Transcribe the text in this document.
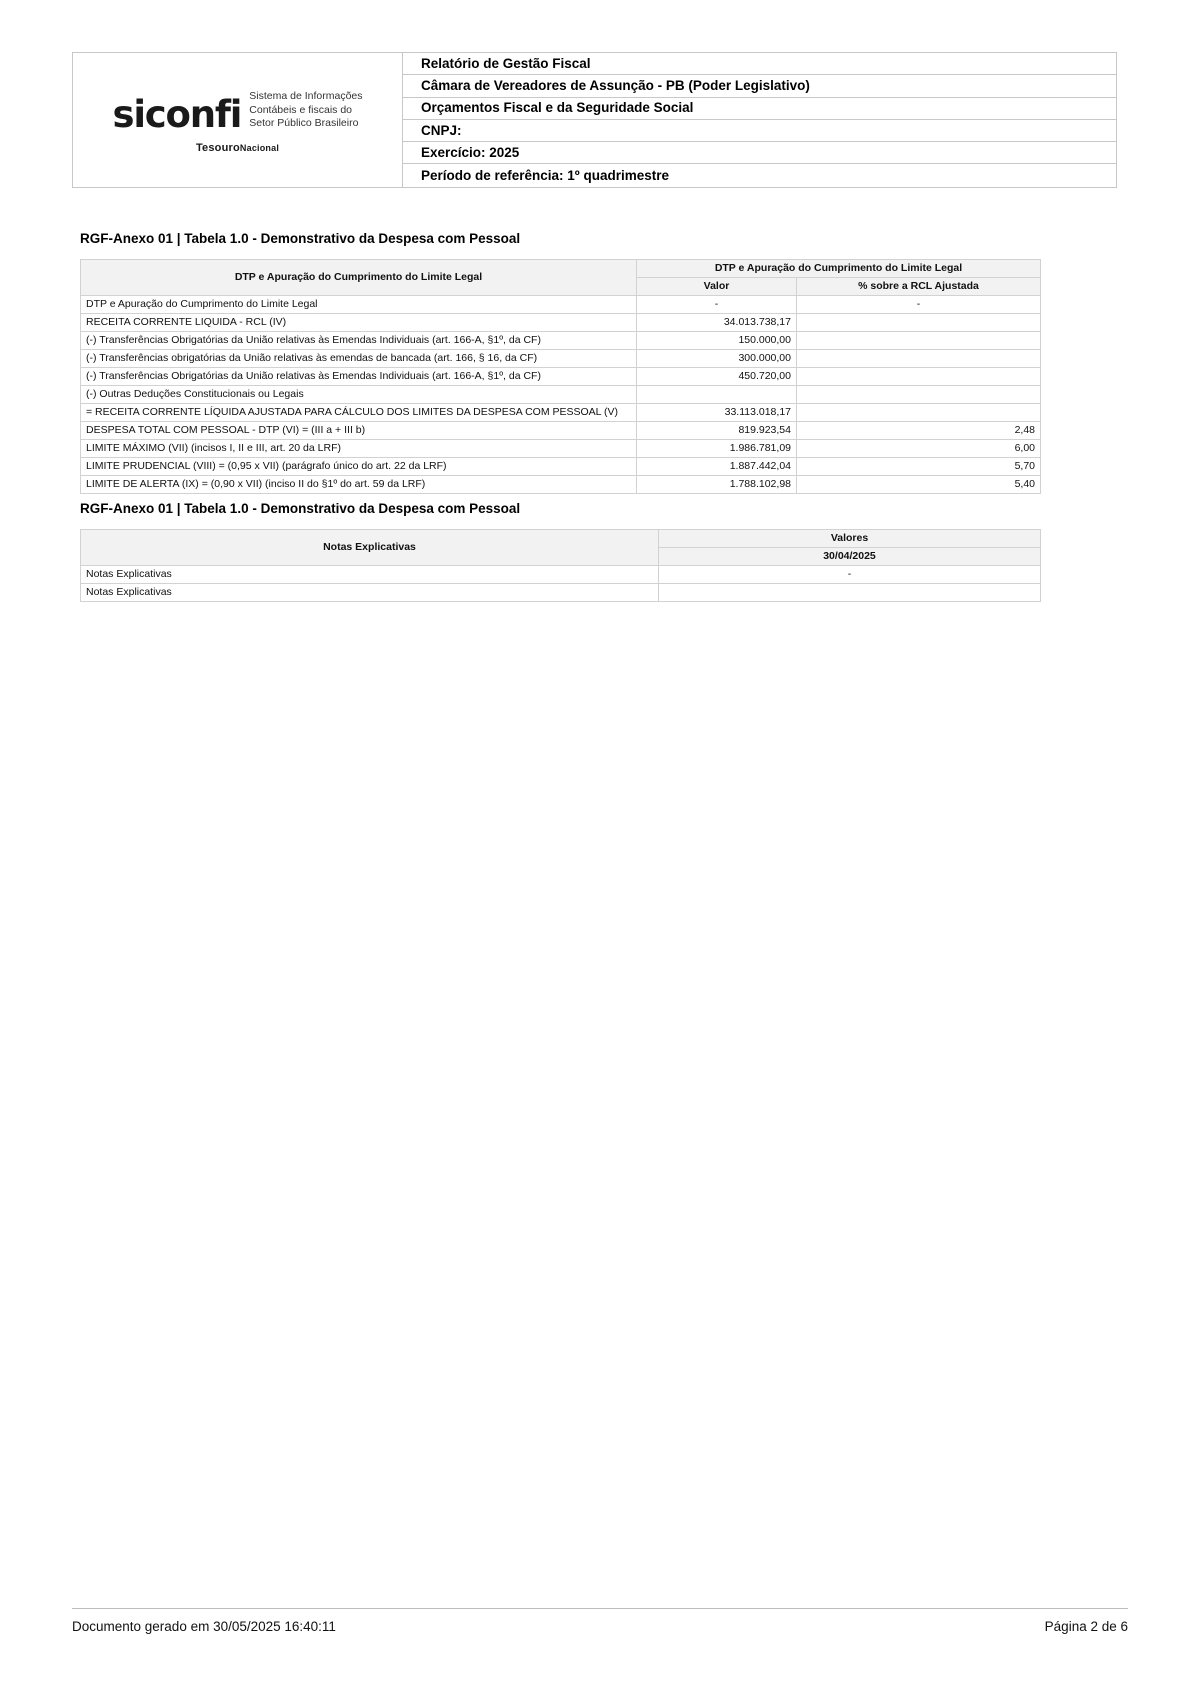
siconfi Sistema de Informações
Contábeis e fiscais do
Setor Público Brasileiro
TesouroNacional
Relatório de Gestão Fiscal
Câmara de Vereadores de Assunção - PB (Poder Legislativo)
Orçamentos Fiscal e da Seguridade Social
CNPJ:
Exercício: 2025
Período de referência: 1º quadrimestre
RGF-Anexo 01 | Tabela 1.0 - Demonstrativo da Despesa com Pessoal
DTP e Apuração do Cumprimento do Limite Legal	DTP e Apuração do Cumprimento do Limite Legal	
	Valor	% sobre a RCL Ajustada
DTP e Apuração do Cumprimento do Limite Legal	-	-
RECEITA CORRENTE LIQUIDA - RCL (IV)	34.013.738,17	
(-) Transferências Obrigatórias da União relativas às Emendas Individuais (art. 166-A, §1º, da CF)	150.000,00	
(-) Transferências obrigatórias da União relativas às emendas de bancada (art. 166, § 16, da CF)	300.000,00	
(-) Transferências Obrigatórias da União relativas às Emendas Individuais (art. 166-A, §1º, da CF)	450.720,00	
(-) Outras Deduções Constitucionais ou Legais		
= RECEITA CORRENTE LÍQUIDA AJUSTADA PARA CÁLCULO DOS LIMITES DA DESPESA COM PESSOAL (V)	33.113.018,17	
DESPESA TOTAL COM PESSOAL - DTP (VI) = (III a + III b)	819.923,54	2,48
LIMITE MÁXIMO (VII) (incisos I, II e III, art. 20 da LRF)	1.986.781,09	6,00
LIMITE PRUDENCIAL (VIII) = (0,95 x VII) (parágrafo único do art. 22 da LRF)	1.887.442,04	5,70
LIMITE DE ALERTA (IX) = (0,90 x VII) (inciso II do §1º do art. 59 da LRF)	1.788.102,98	5,40
RGF-Anexo 01 | Tabela 1.0 - Demonstrativo da Despesa com Pessoal
Notas Explicativas	Valores
	30/04/2025
Notas Explicativas	-
Notas Explicativas	
Documento gerado em 30/05/2025 16:40:11	Página 2 de 6
